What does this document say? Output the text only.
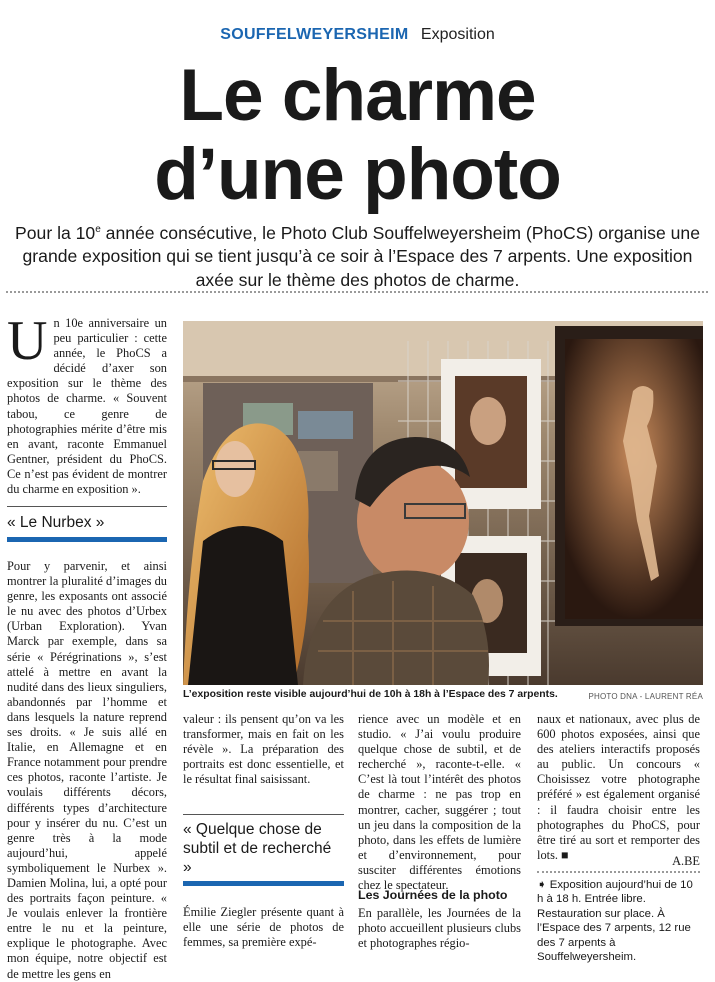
SOUFFELWEYERSHEIM Exposition
Le charme
d’une photo
Pour la 10e année consécutive, le Photo Club Souffelweyersheim (PhoCS) organise une grande exposition qui se tient jusqu’à ce soir à l’Espace des 7 arpents. Une exposition axée sur le thème des photos de charme.
Un 10e anniversaire un peu particulier : cette année, le PhoCS a décidé d’axer son exposition sur le thème des photos de charme. « Souvent tabou, ce genre de photographies mérite d’être mis en avant, raconte Emmanuel Gentner, président du PhoCS. Ce n’est pas évident de montrer du charme en exposition ».
« Le Nurbex »
Pour y parvenir, et ainsi montrer la pluralité d’images du genre, les exposants ont associé le nu avec des photos d’Urbex (Urban Exploration). Yvan Marck par exemple, dans sa série « Pérégrinations », s’est attelé à mettre en avant la nudité dans des lieux singuliers, abandonnés par l’homme et dans lesquels la nature reprend ses droits. « Je suis allé en Italie, en Allemagne et en France notamment pour prendre ces photos, raconte l’artiste. Je voulais différents décors, différents types d’architecture pour y insérer du nu. C’est un genre très à la mode aujourd’hui, appelé symboliquement le Nurbex ». Damien Molina, lui, a opté pour des portraits façon peinture. « Je voulais enlever la frontière entre le nu et la peinture, explique le photographe. Avec mon équipe, notre objectif est de mettre les gens en
PHOTO DNA - LAURENT RÉA
L’exposition reste visible aujourd’hui de 10h à 18h à l’Espace des 7 arpents.
valeur : ils pensent qu’on va les transformer, mais en fait on les révèle ». La préparation des portraits est donc essentielle, et le résultat final saisissant.
« Quelque chose de subtil et de recherché »
Émilie Ziegler présente quant à elle une série de photos de femmes, sa première expé-
rience avec un modèle et en studio. « J’ai voulu produire quelque chose de subtil, et de recherché », raconte-t-elle. « C’est là tout l’intérêt des photos de charme : ne pas trop en montrer, cacher, suggérer ; tout un jeu dans la composition de la photo, dans les effets de lumière et d’environnement, pour susciter différentes émotions chez le spectateur.
Les Journées de la photo
En parallèle, les Journées de la photo accueillent plusieurs clubs et photographes régio-
naux et nationaux, avec plus de 600 photos exposées, ainsi que des ateliers interactifs proposés au public. Un concours « Choisissez votre photographe préféré » est également organisé : il faudra choisir entre les photographes du PhoCS, pour être tiré au sort et remporter des lots. ■	A.BE
➧ Exposition aujourd’hui de 10 h à 18 h. Entrée libre. Restauration sur place. À l’Espace des 7 arpents, 12 rue des 7 arpents à Souffelweyersheim.
